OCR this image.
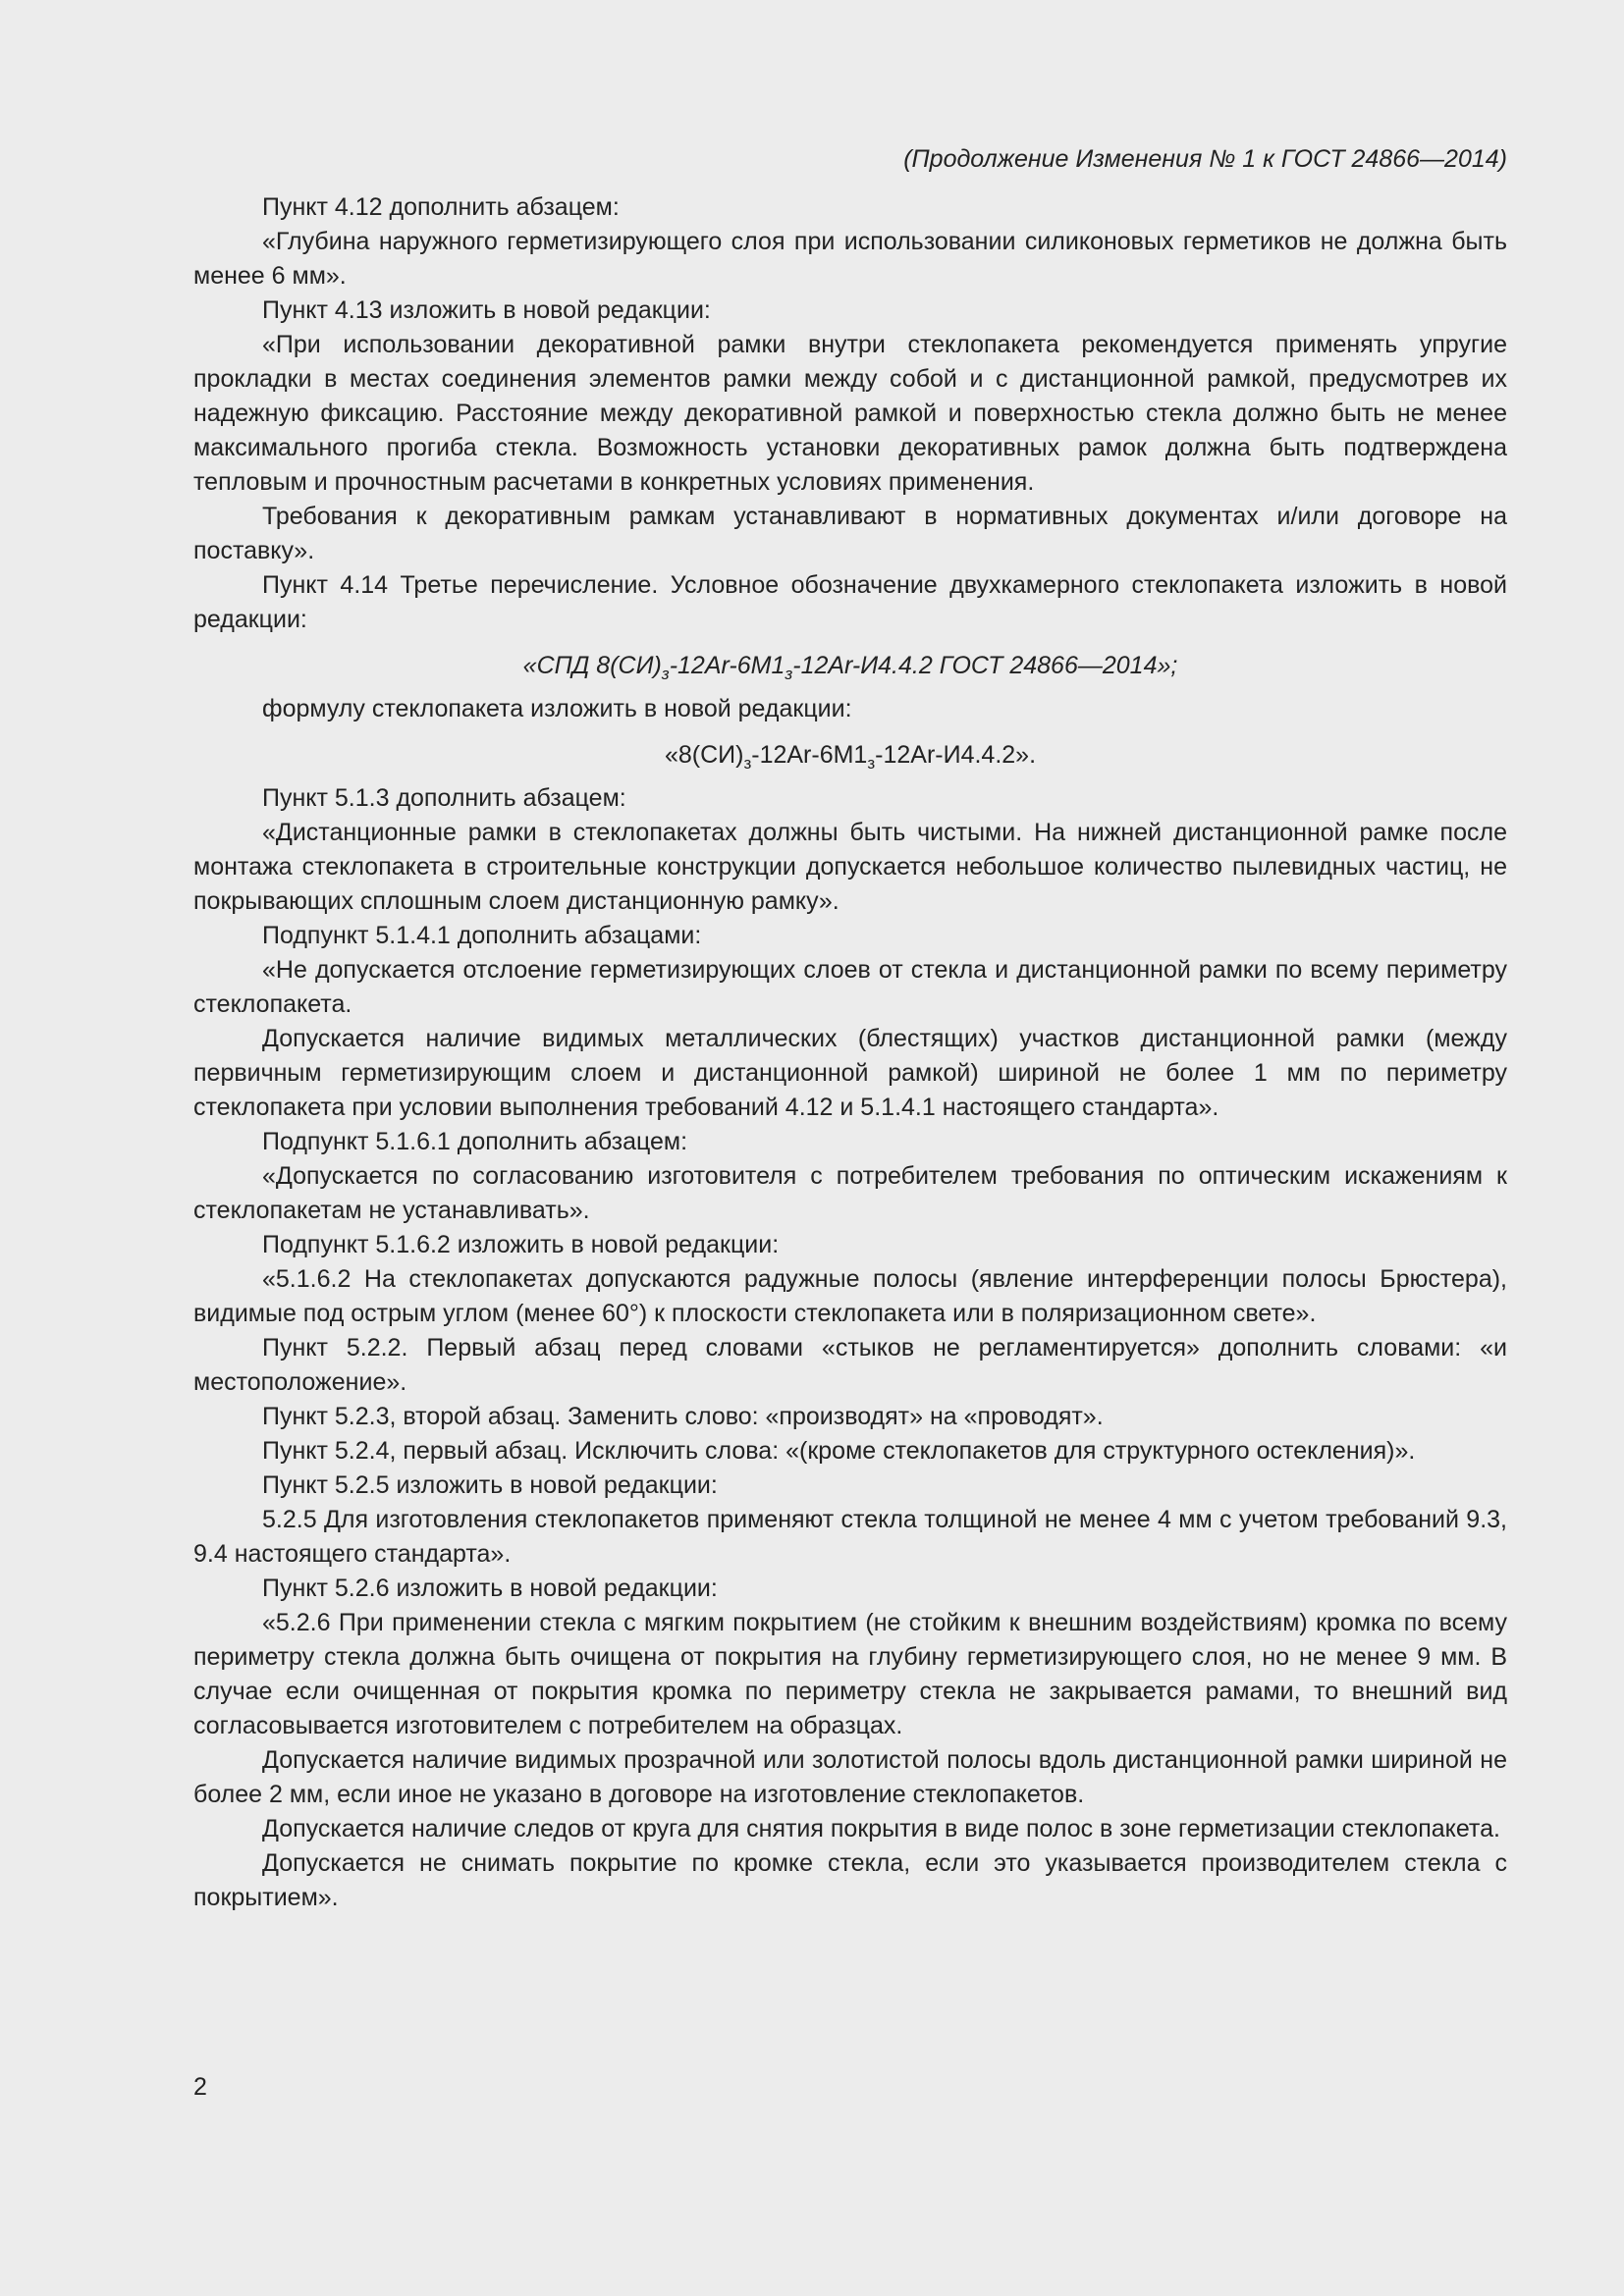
(Продолжение Изменения № 1 к ГОСТ 24866—2014)

Пункт 4.12 дополнить абзацем:

«Глубина наружного герметизирующего слоя при использовании силиконовых герметиков не должна быть менее 6 мм».

Пункт 4.13 изложить в новой редакции:

«При использовании декоративной рамки внутри стеклопакета рекомендуется применять упругие прокладки в местах соединения элементов рамки между собой и с дистанционной рамкой, предусмотрев их надежную фиксацию. Расстояние между декоративной рамкой и поверхностью стекла должно быть не менее максимального прогиба стекла. Возможность установки декоративных рамок должна быть подтверждена тепловым и прочностным расчетами в конкретных условиях применения.

Требования к декоративным рамкам устанавливают в нормативных документах и/или договоре на поставку».

Пункт 4.14 Третье перечисление. Условное обозначение двухкамерного стеклопакета изложить в новой редакции:

«СПД $8(СИ)_з-12Ar-6M1_з-12Ar-И4.4.2$ ГОСТ 24866—2014»;

формулу стеклопакета изложить в новой редакции:

«$8(СИ)_з-12Ar-6M1_з-12Ar-И4.4.2$».

Пункт 5.1.3 дополнить абзацем:

«Дистанционные рамки в стеклопакетах должны быть чистыми. На нижней дистанционной рамке после монтажа стеклопакета в строительные конструкции допускается небольшое количество пылевидных частиц, не покрывающих сплошным слоем дистанционную рамку».

Подпункт 5.1.4.1 дополнить абзацами:

«Не допускается отслоение герметизирующих слоев от стекла и дистанционной рамки по всему периметру стеклопакета.

Допускается наличие видимых металлических (блестящих) участков дистанционной рамки (между первичным герметизирующим слоем и дистанционной рамкой) шириной не более 1 мм по периметру стеклопакета при условии выполнения требований 4.12 и 5.1.4.1 настоящего стандарта».

Подпункт 5.1.6.1 дополнить абзацем:

«Допускается по согласованию изготовителя с потребителем требования по оптическим искажениям к стеклопакетам не устанавливать».

Подпункт 5.1.6.2 изложить в новой редакции:

«5.1.6.2 На стеклопакетах допускаются радужные полосы (явление интерференции полосы Брюстера), видимые под острым углом (менее 60°) к плоскости стеклопакета или в поляризационном свете».

Пункт 5.2.2. Первый абзац перед словами «стыков не регламентируется» дополнить словами: «и местоположение».

Пункт 5.2.3, второй абзац. Заменить слово: «производят» на «проводят».

Пункт 5.2.4, первый абзац. Исключить слова: «(кроме стеклопакетов для структурного остекления)».

Пункт 5.2.5 изложить в новой редакции:

5.2.5 Для изготовления стеклопакетов применяют стекла толщиной не менее 4 мм с учетом требований 9.3, 9.4 настоящего стандарта».

Пункт 5.2.6 изложить в новой редакции:

«5.2.6 При применении стекла с мягким покрытием (не стойким к внешним воздействиям) кромка по всему периметру стекла должна быть очищена от покрытия на глубину герметизирующего слоя, но не менее 9 мм. В случае если очищенная от покрытия кромка по периметру стекла не закрывается рамами, то внешний вид согласовывается изготовителем с потребителем на образцах.

Допускается наличие видимых прозрачной или золотистой полосы вдоль дистанционной рамки шириной не более 2 мм, если иное не указано в договоре на изготовление стеклопакетов.

Допускается наличие следов от круга для снятия покрытия в виде полос в зоне герметизации стеклопакета.

Допускается не снимать покрытие по кромке стекла, если это указывается производителем стекла с покрытием».

2
